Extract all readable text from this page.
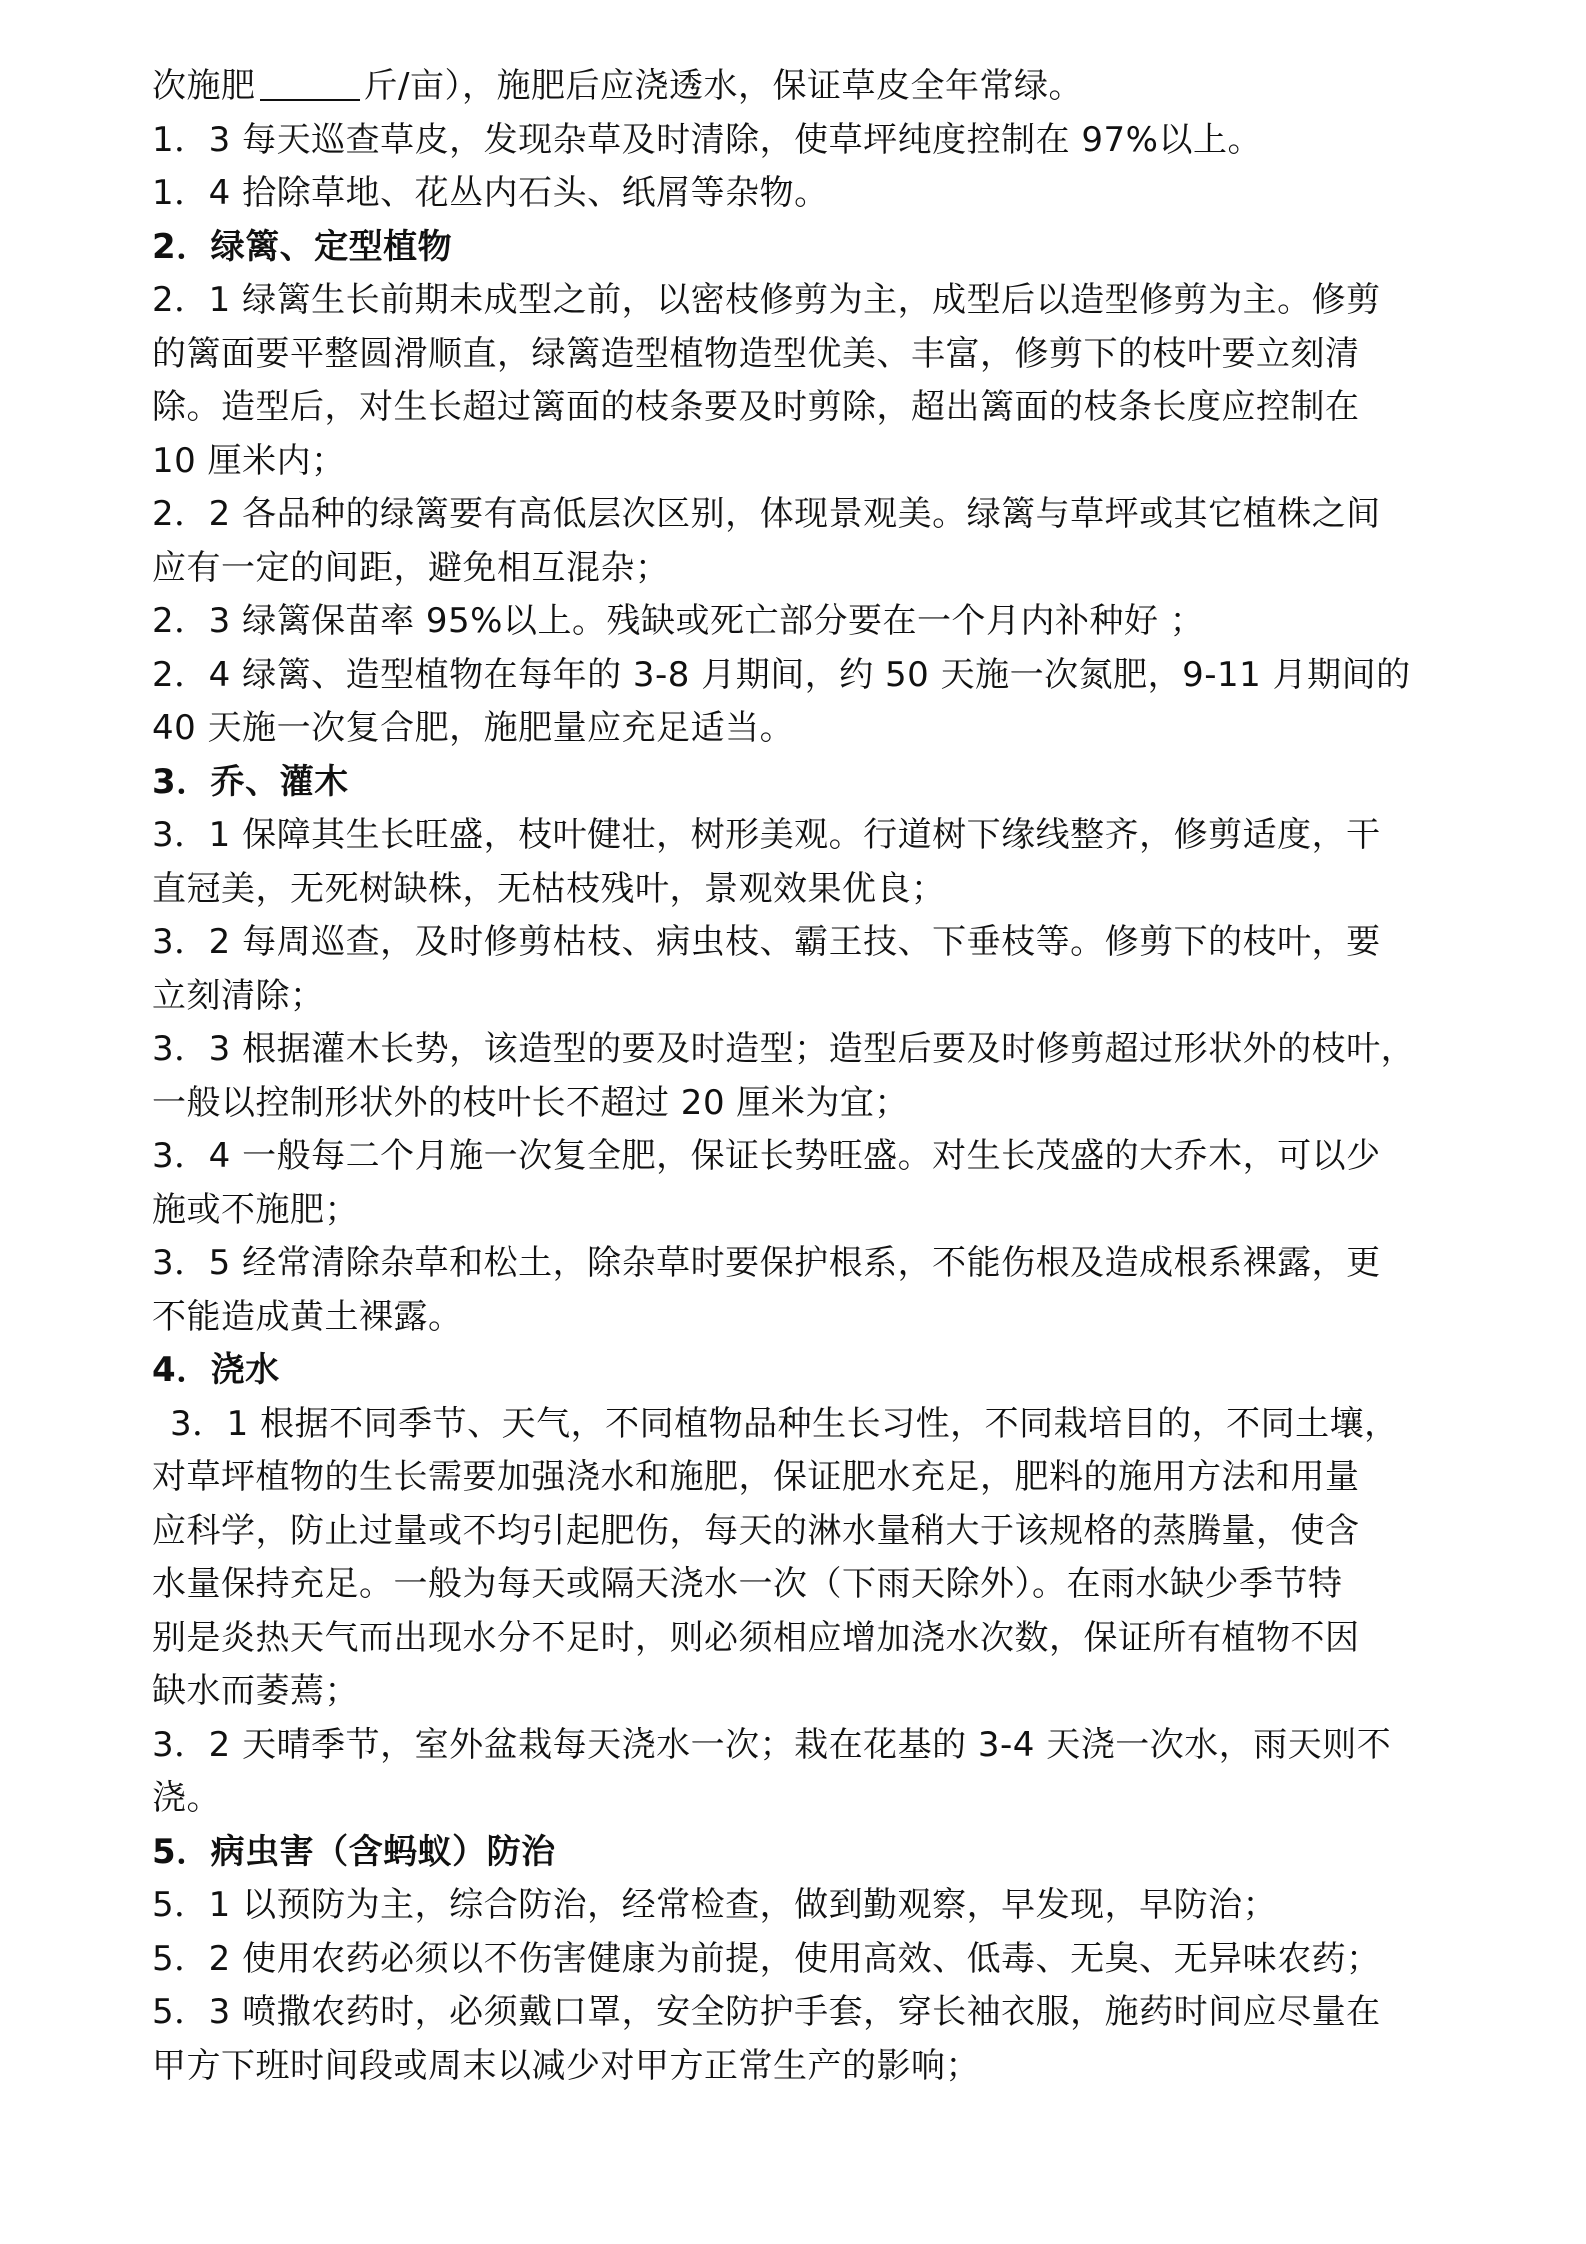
次施肥	斤/亩），施肥后应浇透水，保证草皮全年常绿。
1．3 每天巡查草皮，发现杂草及时清除，使草坪纯度控制在 97%以上。
1．4 拾除草地、花丛内石头、纸屑等杂物。
2．绿篱、定型植物
2．1 绿篱生长前期未成型之前，以密枝修剪为主，成型后以造型修剪为主。修剪
的篱面要平整圆滑顺直，绿篱造型植物造型优美、丰富，修剪下的枝叶要立刻清
除。造型后，对生长超过篱面的枝条要及时剪除，超出篱面的枝条长度应控制在
10 厘米内；
2．2 各品种的绿篱要有高低层次区别，体现景观美。绿篱与草坪或其它植株之间
应有一定的间距，避免相互混杂；
2．3 绿篱保苗率 95%以上。残缺或死亡部分要在一个月内补种好 ；
2．4 绿篱、造型植物在每年的 3-8 月期间，约 50 天施一次氮肥，9-11 月期间的
40 天施一次复合肥，施肥量应充足适当。
3．乔、灌木
3．1 保障其生长旺盛，枝叶健壮，树形美观。行道树下缘线整齐，修剪适度，干
直冠美，无死树缺株，无枯枝残叶，景观效果优良；
3．2 每周巡查，及时修剪枯枝、病虫枝、霸王技、下垂枝等。修剪下的枝叶，要
立刻清除；
3．3 根据灌木长势，该造型的要及时造型；造型后要及时修剪超过形状外的枝叶，
一般以控制形状外的枝叶长不超过 20 厘米为宜；
3．4 一般每二个月施一次复全肥，保证长势旺盛。对生长茂盛的大乔木，可以少
施或不施肥；
3．5 经常清除杂草和松土，除杂草时要保护根系，不能伤根及造成根系裸露，更
不能造成黄土裸露。
4．浇水
3．1 根据不同季节、天气，不同植物品种生长习性，不同栽培目的，不同土壤，
对草坪植物的生长需要加强浇水和施肥，保证肥水充足，肥料的施用方法和用量
应科学，防止过量或不均引起肥伤，每天的淋水量稍大于该规格的蒸腾量，使含
水量保持充足。一般为每天或隔天浇水一次（下雨天除外）。在雨水缺少季节特
别是炎热天气而出现水分不足时，则必须相应增加浇水次数，保证所有植物不因
缺水而萎蔫；
3．2 天晴季节，室外盆栽每天浇水一次；栽在花基的 3-4 天浇一次水，雨天则不
浇。
5．病虫害（含蚂蚁）防治
5．1 以预防为主，综合防治，经常检查，做到勤观察，早发现，早防治；
5．2 使用农药必须以不伤害健康为前提，使用高效、低毒、无臭、无异味农药；
5．3 喷撒农药时，必须戴口罩，安全防护手套，穿长袖衣服，施药时间应尽量在
甲方下班时间段或周末以减少对甲方正常生产的影响；
